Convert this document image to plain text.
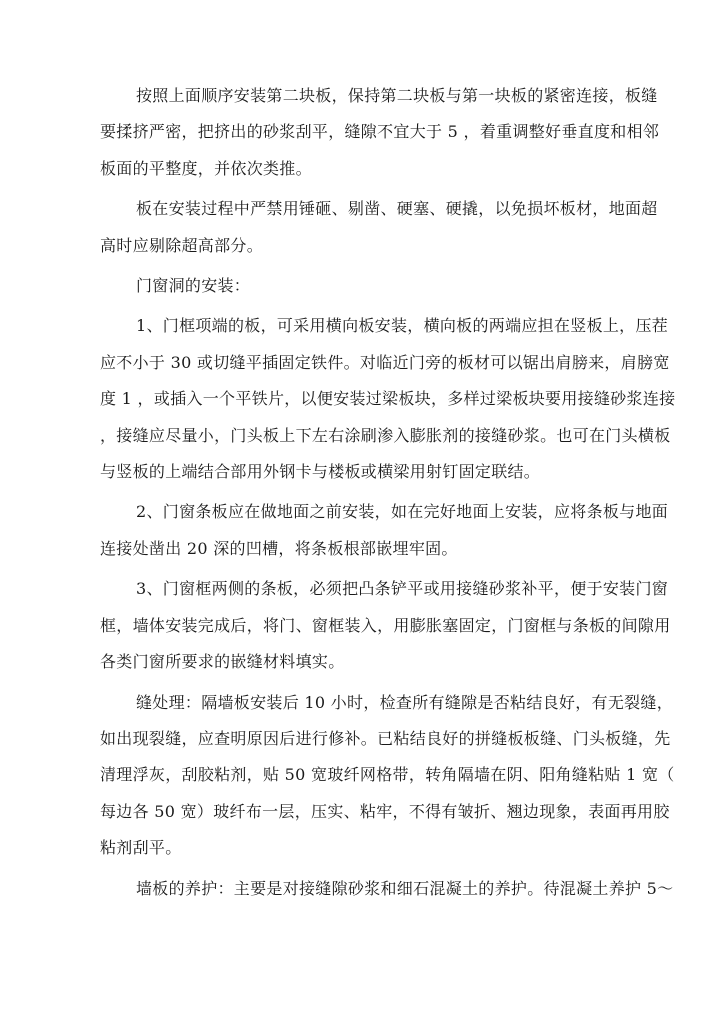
按照上面顺序安装第二块板，保持第二块板与第一块板的紧密连接，板缝
要揉挤严密，把挤出的砂浆刮平，缝隙不宜大于 5 ，着重调整好垂直度和相邻
板面的平整度，并依次类推。
板在安装过程中严禁用锤砸、剔凿、硬塞、硬撬，以免损坏板材，地面超
高时应剔除超高部分。
门窗洞的安装：
1、门框项端的板，可采用横向板安装，横向板的两端应担在竖板上，压茬
应不小于 30 或切缝平插固定铁件。对临近门旁的板材可以锯出肩膀来，肩膀宽
度 1 ，或插入一个平铁片，以便安装过梁板块，多样过梁板块要用接缝砂浆连接
，接缝应尽量小，门头板上下左右涂刷渗入膨胀剂的接缝砂浆。也可在门头横板
与竖板的上端结合部用外钢卡与楼板或横梁用射钉固定联结。
2、门窗条板应在做地面之前安装，如在完好地面上安装，应将条板与地面
连接处凿出 20 深的凹槽，将条板根部嵌埋牢固。
3、门窗框两侧的条板，必须把凸条铲平或用接缝砂浆补平，便于安装门窗
框，墙体安装完成后，将门、窗框装入，用膨胀塞固定，门窗框与条板的间隙用
各类门窗所要求的嵌缝材料填实。
缝处理：隔墙板安装后 10 小时，检查所有缝隙是否粘结良好，有无裂缝，
如出现裂缝，应查明原因后进行修补。已粘结良好的拼缝板板缝、门头板缝，先
清理浮灰，刮胶粘剂，贴 50 宽玻纤网格带，转角隔墙在阴、阳角缝粘贴 1 宽（
每边各 50 宽）玻纤布一层，压实、粘牢，不得有皱折、翘边现象，表面再用胶
粘剂刮平。
墙板的养护：主要是对接缝隙砂浆和细石混凝土的养护。待混凝土养护 5～
